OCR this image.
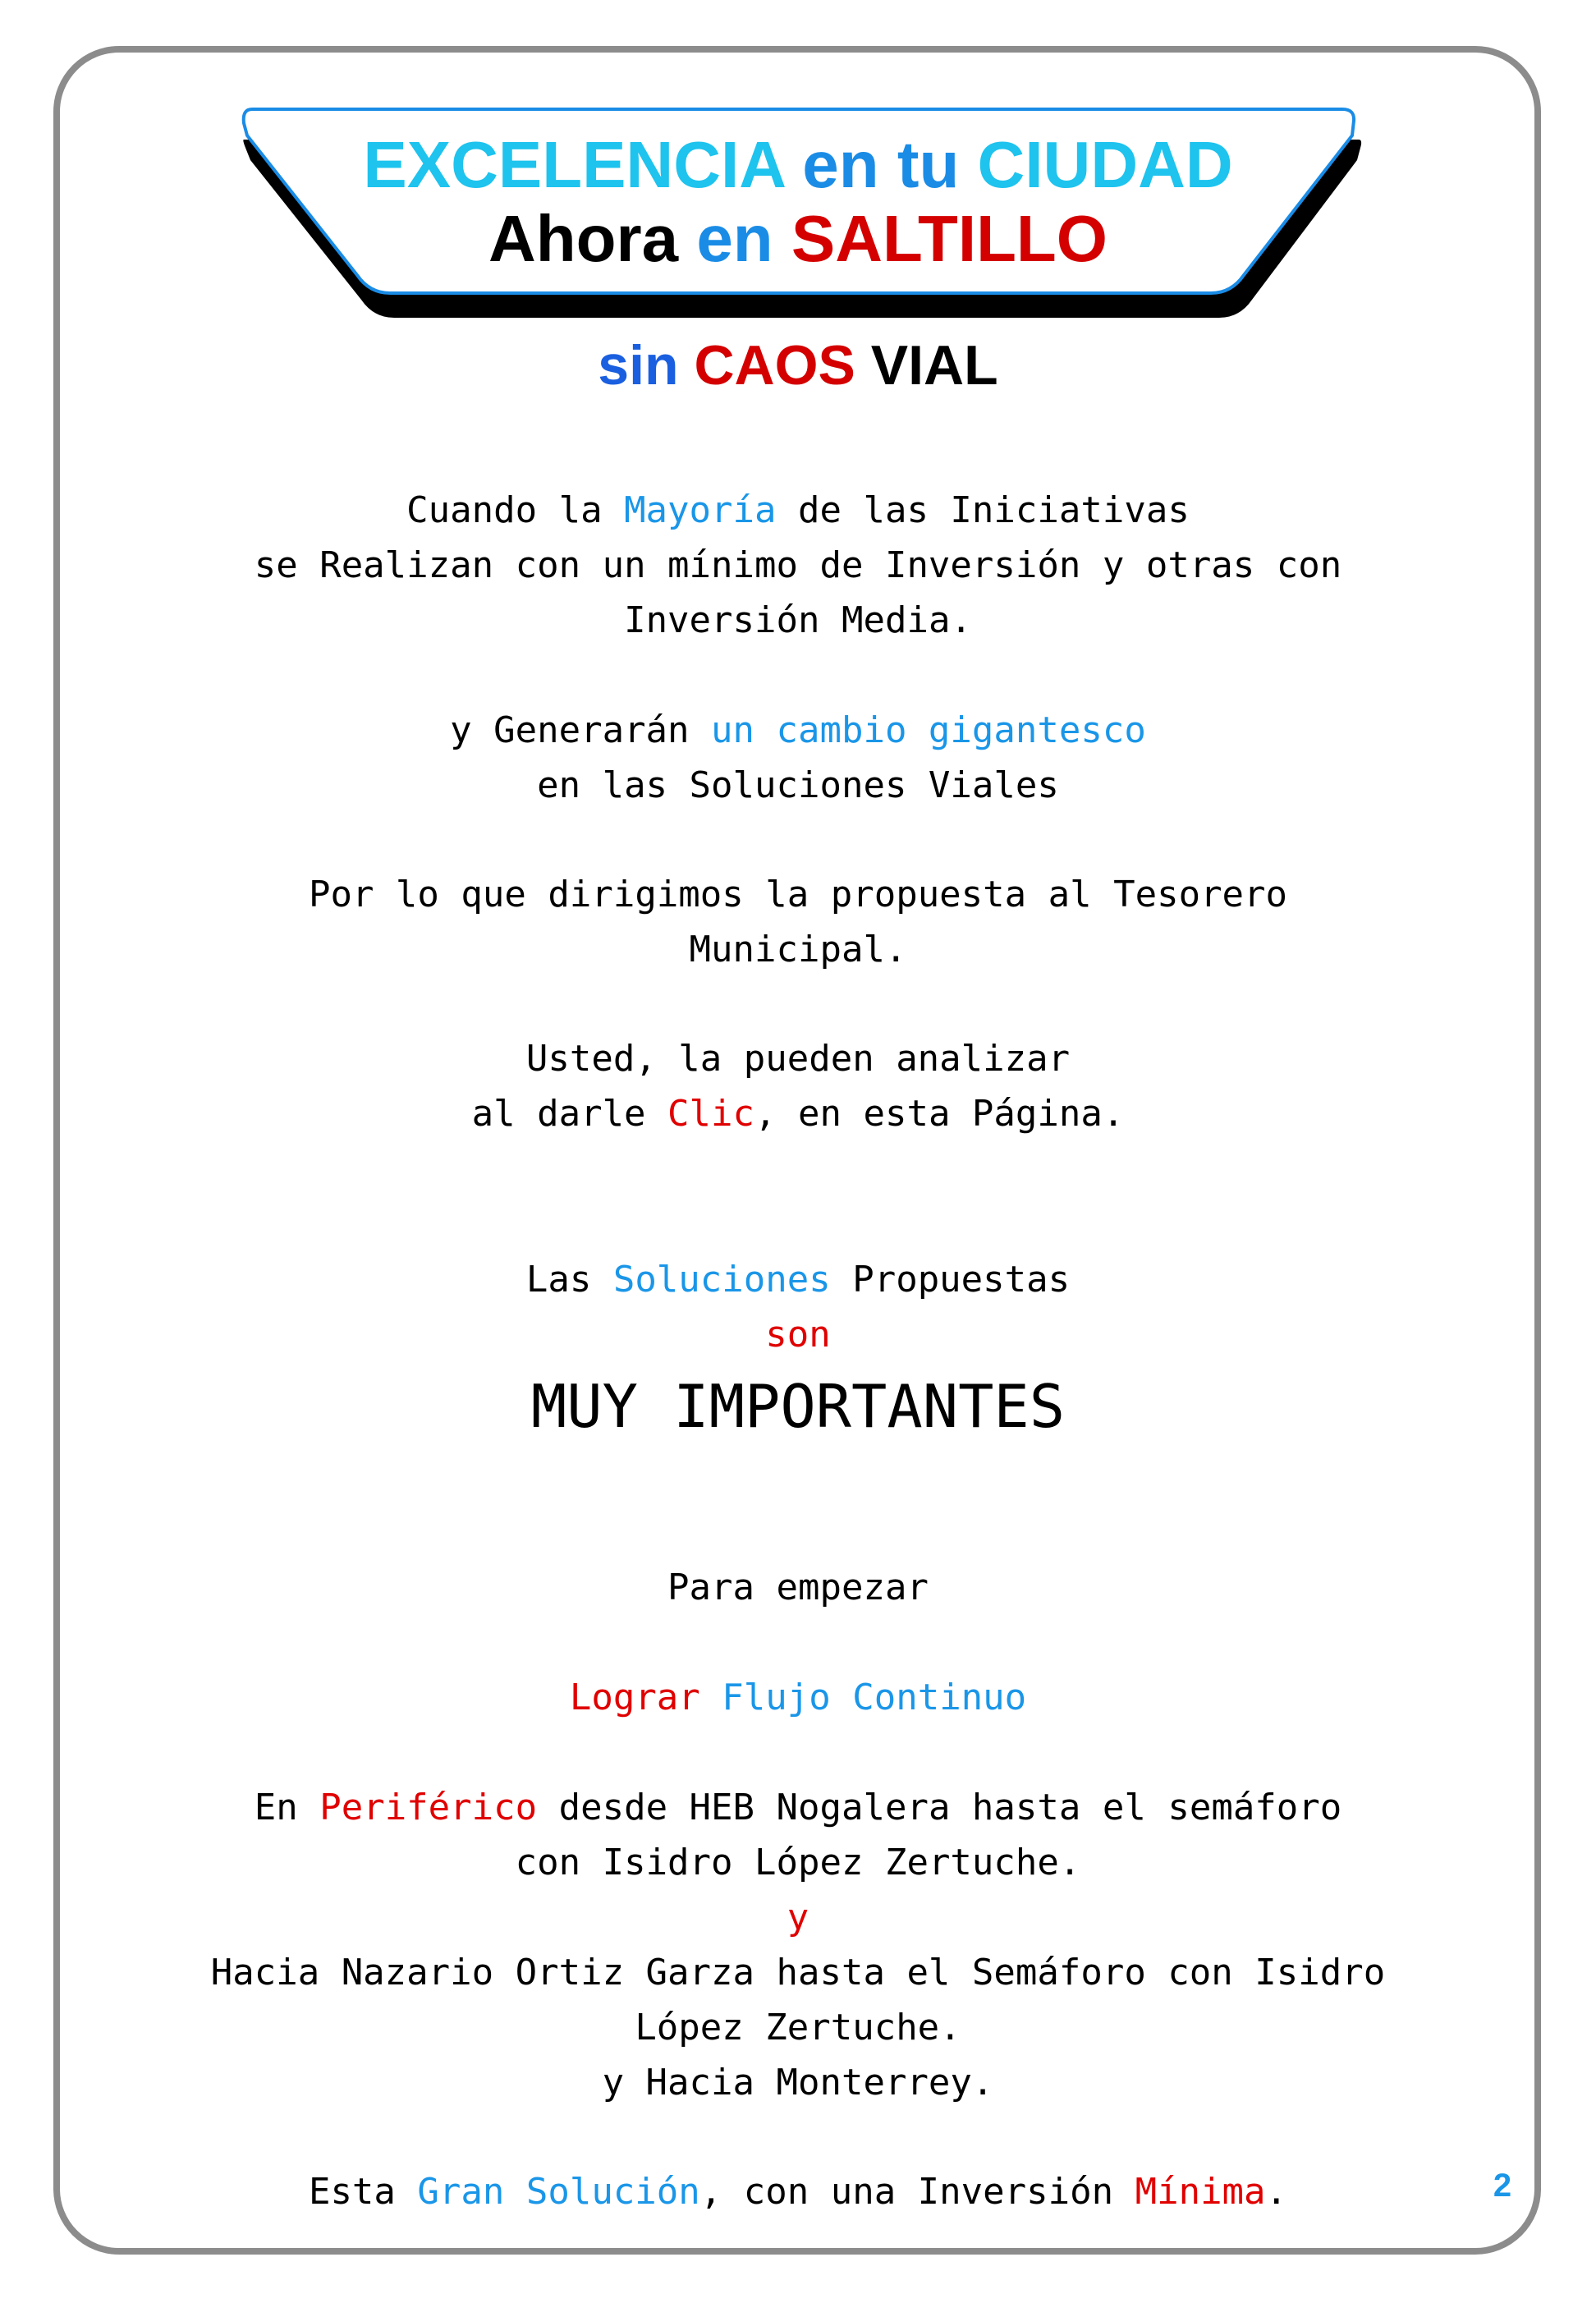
EXCELENCIA en tu CIUDAD
Ahora en SALTILLO
sin CAOS VIAL
Cuando la Mayoría de las Iniciativas
se Realizan con un mínimo de Inversión y otras con
Inversión Media.
y Generarán un cambio gigantesco
en las Soluciones Viales
Por lo que dirigimos la propuesta al Tesorero
Municipal.
Usted, la pueden analizar
al darle Clic, en esta Página.
Las Soluciones Propuestas
son
MUY IMPORTANTES
Para empezar
Lograr Flujo Continuo
En Periférico desde HEB Nogalera hasta el semáforo
con Isidro López Zertuche.
y
Hacia Nazario Ortiz Garza hasta el Semáforo con Isidro
López Zertuche.
y Hacia Monterrey.
Esta Gran Solución, con una Inversión Mínima.	2
